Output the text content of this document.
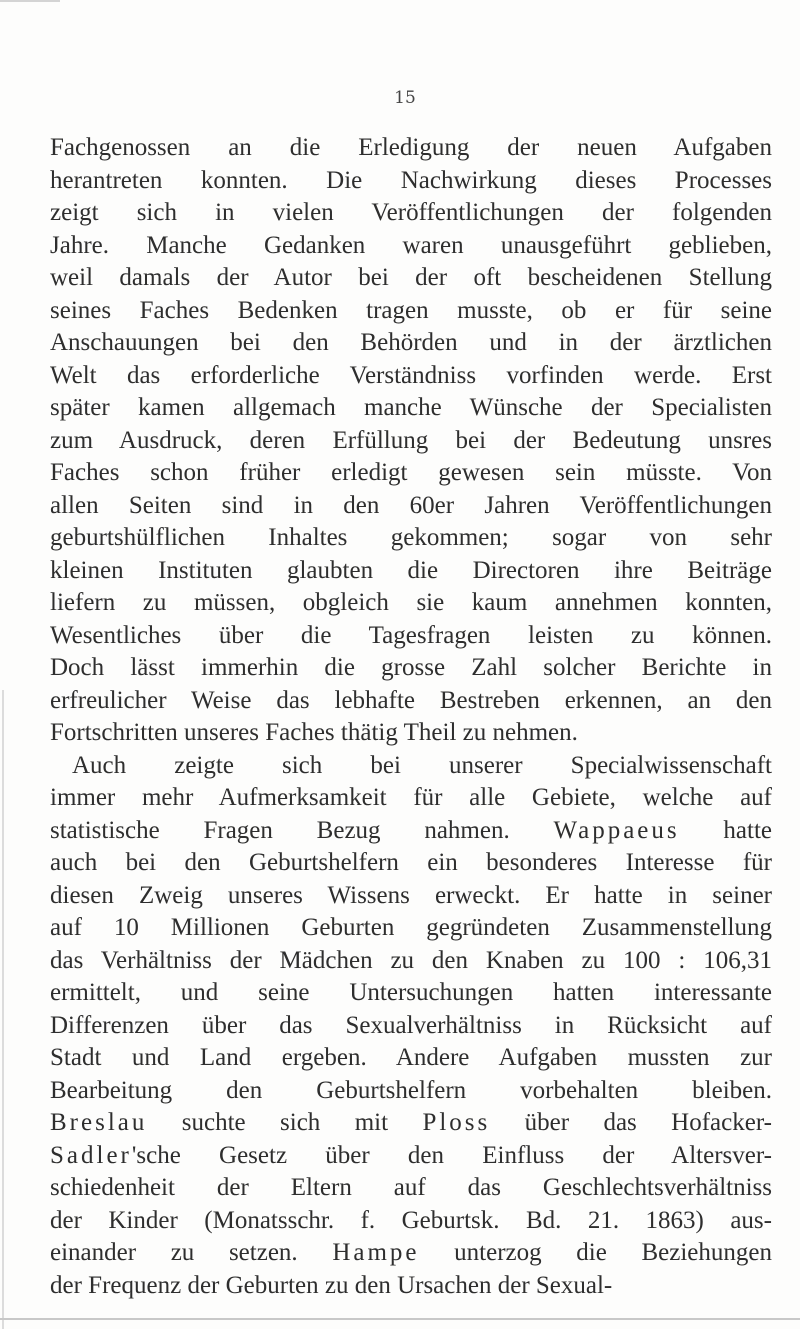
15
Fachgenossen an die Erledigung der neuen Aufgaben
herantreten konnten. Die Nachwirkung dieses Processes
zeigt sich in vielen Veröffentlichungen der folgenden
Jahre. Manche Gedanken waren unausgeführt geblieben,
weil damals der Autor bei der oft bescheidenen Stellung
seines Faches Bedenken tragen musste, ob er für seine
Anschauungen bei den Behörden und in der ärztlichen
Welt das erforderliche Verständniss vorfinden werde. Erst
später kamen allgemach manche Wünsche der Specialisten
zum Ausdruck, deren Erfüllung bei der Bedeutung unsres
Faches schon früher erledigt gewesen sein müsste. Von
allen Seiten sind in den 60er Jahren Veröffentlichungen
geburtshülflichen Inhaltes gekommen; sogar von sehr
kleinen Instituten glaubten die Directoren ihre Beiträge
liefern zu müssen, obgleich sie kaum annehmen konnten,
Wesentliches über die Tagesfragen leisten zu können.
Doch lässt immerhin die grosse Zahl solcher Berichte in
erfreulicher Weise das lebhafte Bestreben erkennen, an den
Fortschritten unseres Faches thätig Theil zu nehmen.
Auch zeigte sich bei unserer Specialwissenschaft
immer mehr Aufmerksamkeit für alle Gebiete, welche auf
statistische Fragen Bezug nahmen. Wappaeus hatte
auch bei den Geburtshelfern ein besonderes Interesse für
diesen Zweig unseres Wissens erweckt. Er hatte in seiner
auf 10 Millionen Geburten gegründeten Zusammenstellung
das Verhältniss der Mädchen zu den Knaben zu 100 : 106,31
ermittelt, und seine Untersuchungen hatten interessante
Differenzen über das Sexualverhältniss in Rücksicht auf
Stadt und Land ergeben. Andere Aufgaben mussten zur
Bearbeitung den Geburtshelfern vorbehalten bleiben.
Breslau suchte sich mit Ploss über das Hofacker-
Sadler'sche Gesetz über den Einfluss der Altersver-
schiedenheit der Eltern auf das Geschlechtsverhältniss
der Kinder (Monatsschr. f. Geburtsk. Bd. 21. 1863) aus-
einander zu setzen. Hampe unterzog die Beziehungen
der Frequenz der Geburten zu den Ursachen der Sexual-
